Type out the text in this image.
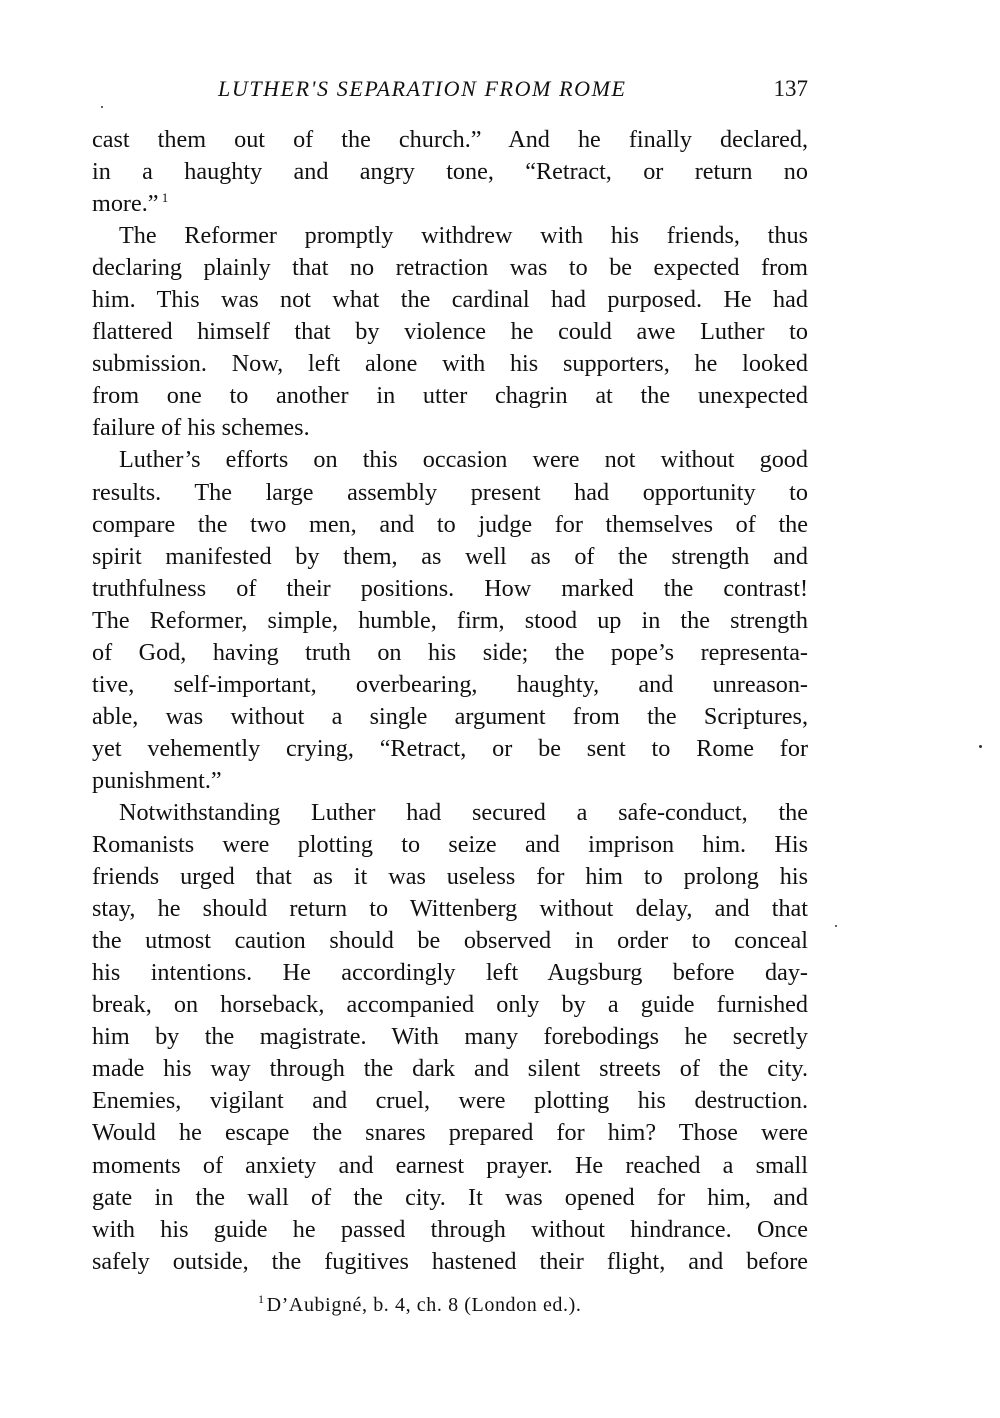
LUTHER'S SEPARATION FROM ROME	137
cast them out of the church.” And he finally declared,
in a haughty and angry tone, “Retract, or return no
more.” $^1$
The Reformer promptly withdrew with his friends, thus
declaring plainly that no retraction was to be expected from
him. This was not what the cardinal had purposed. He had
flattered himself that by violence he could awe Luther to
submission. Now, left alone with his supporters, he looked
from one to another in utter chagrin at the unexpected
failure of his schemes.
Luther’s efforts on this occasion were not without good
results. The large assembly present had opportunity to
compare the two men, and to judge for themselves of the
spirit manifested by them, as well as of the strength and
truthfulness of their positions. How marked the contrast!
The Reformer, simple, humble, firm, stood up in the strength
of God, having truth on his side; the pope’s representa-
tive, self-important, overbearing, haughty, and unreason-
able, was without a single argument from the Scriptures,
yet vehemently crying, “Retract, or be sent to Rome for
punishment.”
Notwithstanding Luther had secured a safe-conduct, the
Romanists were plotting to seize and imprison him. His
friends urged that as it was useless for him to prolong his
stay, he should return to Wittenberg without delay, and that
the utmost caution should be observed in order to conceal
his intentions. He accordingly left Augsburg before day-
break, on horseback, accompanied only by a guide furnished
him by the magistrate. With many forebodings he secretly
made his way through the dark and silent streets of the city.
Enemies, vigilant and cruel, were plotting his destruction.
Would he escape the snares prepared for him? Those were
moments of anxiety and earnest prayer. He reached a small
gate in the wall of the city. It was opened for him, and
with his guide he passed through without hindrance. Once
safely outside, the fugitives hastened their flight, and before
$^1$ D’Aubigné, b. 4, ch. 8 (London ed.).
